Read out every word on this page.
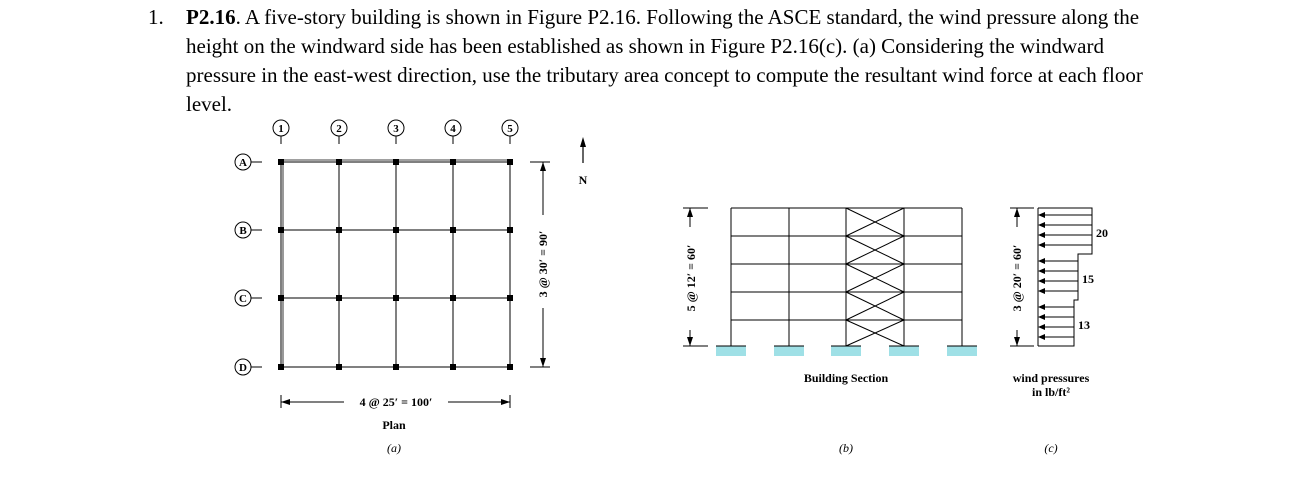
1. P2.16. A five-story building is shown in Figure P2.16. Following the ASCE standard, the wind pressure along the height on the windward side has been established as shown in Figure P2.16(c). (a) Considering the windward pressure in the east-west direction, use the tributary area concept to compute the resultant wind force at each floor level.
1	2	3	4	5
A
B
C
D
4 @ 25′ = 100′
3 @ 30′ = 90′
N
Plan
(a)
5 @ 12′ = 60′
Building Section
(b)
3 @ 20′ = 60′
20
15
13
wind pressures
in lb/ft²
(c)
